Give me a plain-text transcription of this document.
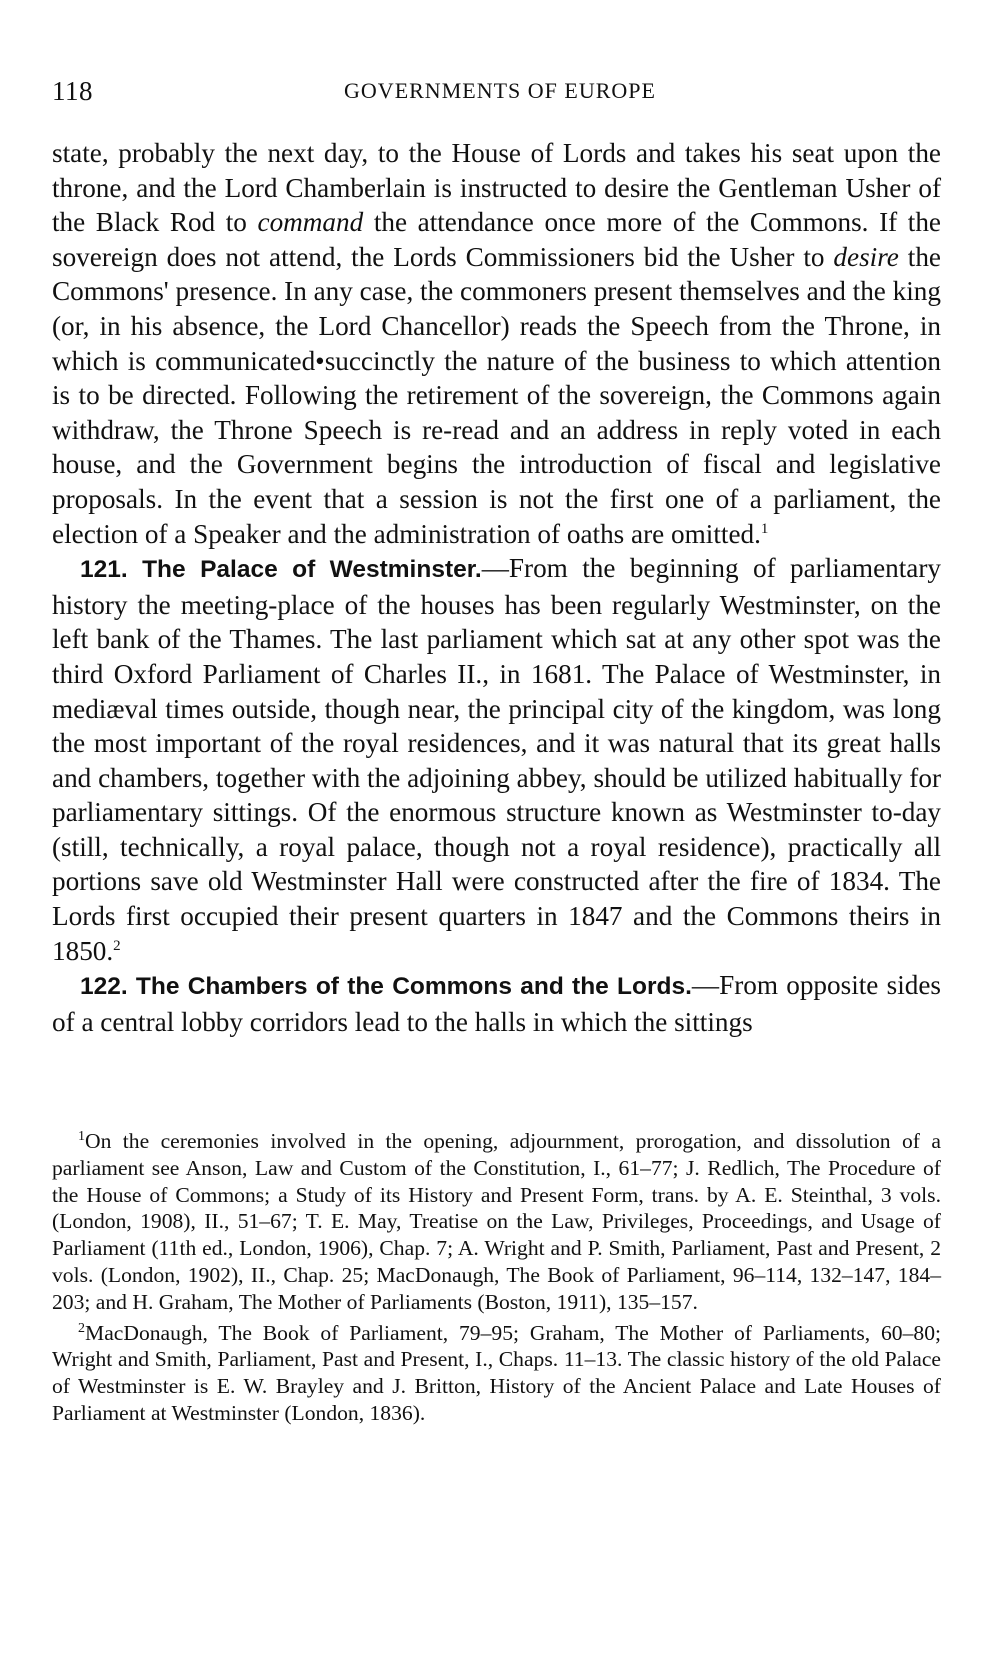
118	GOVERNMENTS OF EUROPE

state, probably the next day, to the House of Lords and takes his seat upon the throne, and the Lord Chamberlain is instructed to desire the Gentleman Usher of the Black Rod to command the attendance once more of the Commons. If the sovereign does not attend, the Lords Commissioners bid the Usher to desire the Commons' presence. In any case, the commoners present themselves and the king (or, in his absence, the Lord Chancellor) reads the Speech from the Throne, in which is communicated•succinctly the nature of the business to which attention is to be directed. Following the retirement of the sovereign, the Commons again withdraw, the Throne Speech is re-read and an address in reply voted in each house, and the Government begins the introduction of fiscal and legislative proposals. In the event that a session is not the first one of a parliament, the election of a Speaker and the administration of oaths are omitted.$^1$

121. The Palace of Westminster.—From the beginning of parliamentary history the meeting-place of the houses has been regularly Westminster, on the left bank of the Thames. The last parliament which sat at any other spot was the third Oxford Parliament of Charles II., in 1681. The Palace of Westminster, in mediæval times outside, though near, the principal city of the kingdom, was long the most important of the royal residences, and it was natural that its great halls and chambers, together with the adjoining abbey, should be utilized habitually for parliamentary sittings. Of the enormous structure known as Westminster to-day (still, technically, a royal palace, though not a royal residence), practically all portions save old Westminster Hall were constructed after the fire of 1834. The Lords first occupied their present quarters in 1847 and the Commons theirs in 1850.$^2$

122. The Chambers of the Commons and the Lords.—From opposite sides of a central lobby corridors lead to the halls in which the sittings

$^1$On the ceremonies involved in the opening, adjournment, prorogation, and dissolution of a parliament see Anson, Law and Custom of the Constitution, I., 61–77; J. Redlich, The Procedure of the House of Commons; a Study of its History and Present Form, trans. by A. E. Steinthal, 3 vols. (London, 1908), II., 51–67; T. E. May, Treatise on the Law, Privileges, Proceedings, and Usage of Parliament (11th ed., London, 1906), Chap. 7; A. Wright and P. Smith, Parliament, Past and Present, 2 vols. (London, 1902), II., Chap. 25; MacDonaugh, The Book of Parliament, 96–114, 132–147, 184–203; and H. Graham, The Mother of Parliaments (Boston, 1911), 135–157.

$^2$MacDonaugh, The Book of Parliament, 79–95; Graham, The Mother of Parliaments, 60–80; Wright and Smith, Parliament, Past and Present, I., Chaps. 11–13. The classic history of the old Palace of Westminster is E. W. Brayley and J. Britton, History of the Ancient Palace and Late Houses of Parliament at Westminster (London, 1836).
